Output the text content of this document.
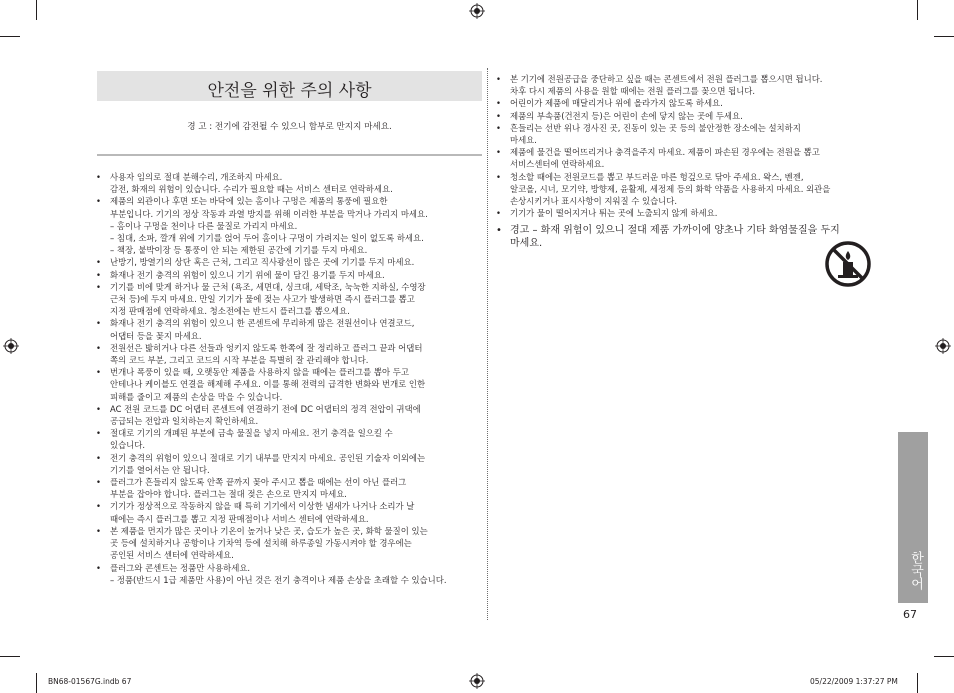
안전을 위한 주의 사항
경 고 : 전기에 감전될 수 있으니 함부로 만지지 마세요.
• 사용자 임의로 절대 분해수리, 개조하지 마세요.
감전, 화재의 위험이 있습니다. 수리가 필요할 때는 서비스 센터로 연락하세요.
• 제품의 외관이나 후면 또는 바닥에 있는 홈이나 구멍은 제품의 통풍에 필요한
부분입니다. 기기의 정상 작동과 과열 방지를 위해 이러한 부분을 막거나 가리지 마세요.
– 홈이나 구멍을 천이나 다른 물질로 가리지 마세요.
– 침대, 소파, 깔개 위에 기기를 얹어 두어 홈이나 구멍이 가려지는 일이 없도록 하세요.
– 책장, 붙박이장 등 통풍이 안 되는 제한된 공간에 기기를 두지 마세요.
• 난방기, 방열기의 상단 혹은 근처, 그리고 직사광선이 많은 곳에 기기를 두지 마세요.
• 화재나 전기 충격의 위험이 있으니 기기 위에 물이 담긴 용기를 두지 마세요.
• 기기를 비에 맞게 하거나 물 근처 (욕조, 세면대, 싱크대, 세탁조, 눅눅한 지하실, 수영장
근처 등)에 두지 마세요. 만일 기기가 물에 젖는 사고가 발생하면 즉시 플러그를 뽑고
지정 판매점에 연락하세요. 청소전에는 반드시 플러그를 뽑으세요.
• 화재나 전기 충격의 위험이 있으니 한 콘센트에 무리하게 많은 전원선이나 연결코드,
어댑터 등을 꽂지 마세요.
• 전원선은 밟히거나 다른 선들과 엉키지 않도록 한쪽에 잘 정리하고 플러그 끝과 어댑터
쪽의 코드 부분, 그리고 코드의 시작 부분을 특별히 잘 관리해야 합니다.
• 번개나 폭풍이 있을 때, 오랫동안 제품을 사용하지 않을 때에는 플러그를 뽑아 두고
안테나나 케이블도 연결을 해제해 주세요. 이를 통해 전력의 급격한 변화와 번개로 인한
피해를 줄이고 제품의 손상을 막을 수 있습니다.
• AC 전원 코드를 DC 어댑터 콘센트에 연결하기 전에 DC 어댑터의 정격 전압이 귀댁에
공급되는 전압과 일치하는지 확인하세요.
• 절대로 기기의 개폐된 부분에 금속 물질을 넣지 마세요. 전기 충격을 일으킬 수
있습니다.
• 전기 충격의 위험이 있으니 절대로 기기 내부를 만지지 마세요. 공인된 기술자 이외에는
기기를 열어서는 안 됩니다.
• 플러그가 흔들리지 않도록 안쪽 끝까지 꽂아 주시고 뽑을 때에는 선이 아닌 플러그
부분을 잡아야 합니다. 플러그는 절대 젖은 손으로 만지지 마세요.
• 기기가 정상적으로 작동하지 않을 때 특히 기기에서 이상한 냄새가 나거나 소리가 날
때에는 즉시 플러그를 뽑고 지정 판매점이나 서비스 센터에 연락하세요.
• 본 제품을 먼지가 많은 곳이나 기온이 높거나 낮은 곳, 습도가 높은 곳, 화학 물질이 있는
곳 등에 설치하거나 공항이나 기차역 등에 설치해 하루종일 가동시켜야 할 경우에는
공인된 서비스 센터에 연락하세요.
• 플러그와 콘센트는 정품만 사용하세요.
– 정품(반드시 1급 제품만 사용)이 아닌 것은 전기 충격이나 제품 손상을 초래할 수 있습니다.
• 본 기기에 전원공급을 중단하고 싶을 때는 콘센트에서 전원 플러그를 뽑으시면 됩니다.
차후 다시 제품의 사용을 원할 때에는 전원 플러그를 꽂으면 됩니다.
• 어린이가 제품에 매달리거나 위에 올라가지 않도록 하세요.
• 제품의 부속품(건전지 등)은 어린이 손에 닿지 않는 곳에 두세요.
• 흔들리는 선반 위나 경사진 곳, 진동이 있는 곳 등의 불안정한 장소에는 설치하지
마세요.
• 제품에 물건을 떨어뜨리거나 충격을주지 마세요. 제품이 파손된 경우에는 전원을 뽑고
서비스센터에 연락하세요.
• 청소할 때에는 전원코드를 뽑고 부드러운 마른 헝겊으로 닦아 주세요. 왁스, 벤젠,
알코올, 시너, 모기약, 방향제, 윤활제, 세정제 등의 화학 약품을 사용하지 마세요. 외관을
손상시키거나 표시사항이 지워질 수 있습니다.
• 기기가 물이 떨어지거나 튀는 곳에 노출되지 않게 하세요.
• 경고 – 화재 위험이 있으니 절대 제품 가까이에 양초나 기타 화염물질을 두지
마세요.
한국어
67
BN68-01567G.indb 67	05/22/2009 1:37:27 PM
